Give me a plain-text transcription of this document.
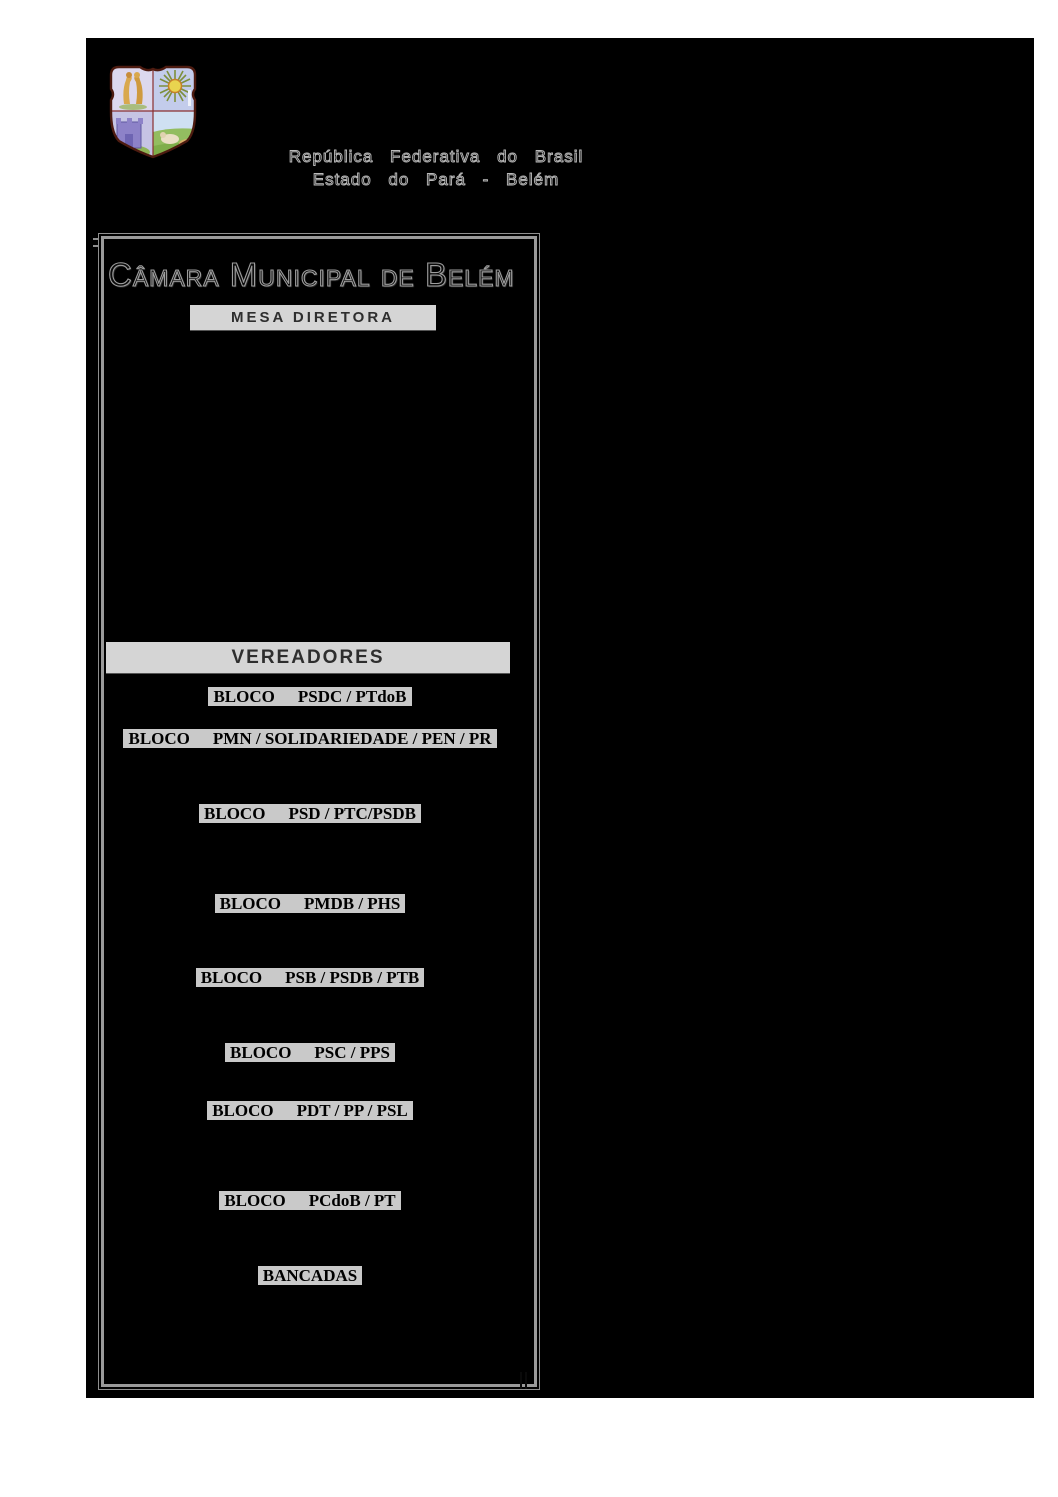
República Federativa do Brasil
Estado do Pará - Belém
Câmara Municipal de Belém
MESA DIRETORA
VEREADORES
BLOCO PSDC / PTdoB
BLOCO PMN / SOLIDARIEDADE / PEN / PR
BLOCO PSD / PTC/PSDB
BLOCO PMDB / PHS
BLOCO PSB / PSDB / PTB
BLOCO PSC / PPS
BLOCO PDT / PP / PSL
BLOCO PCdoB / PT
BANCADAS
